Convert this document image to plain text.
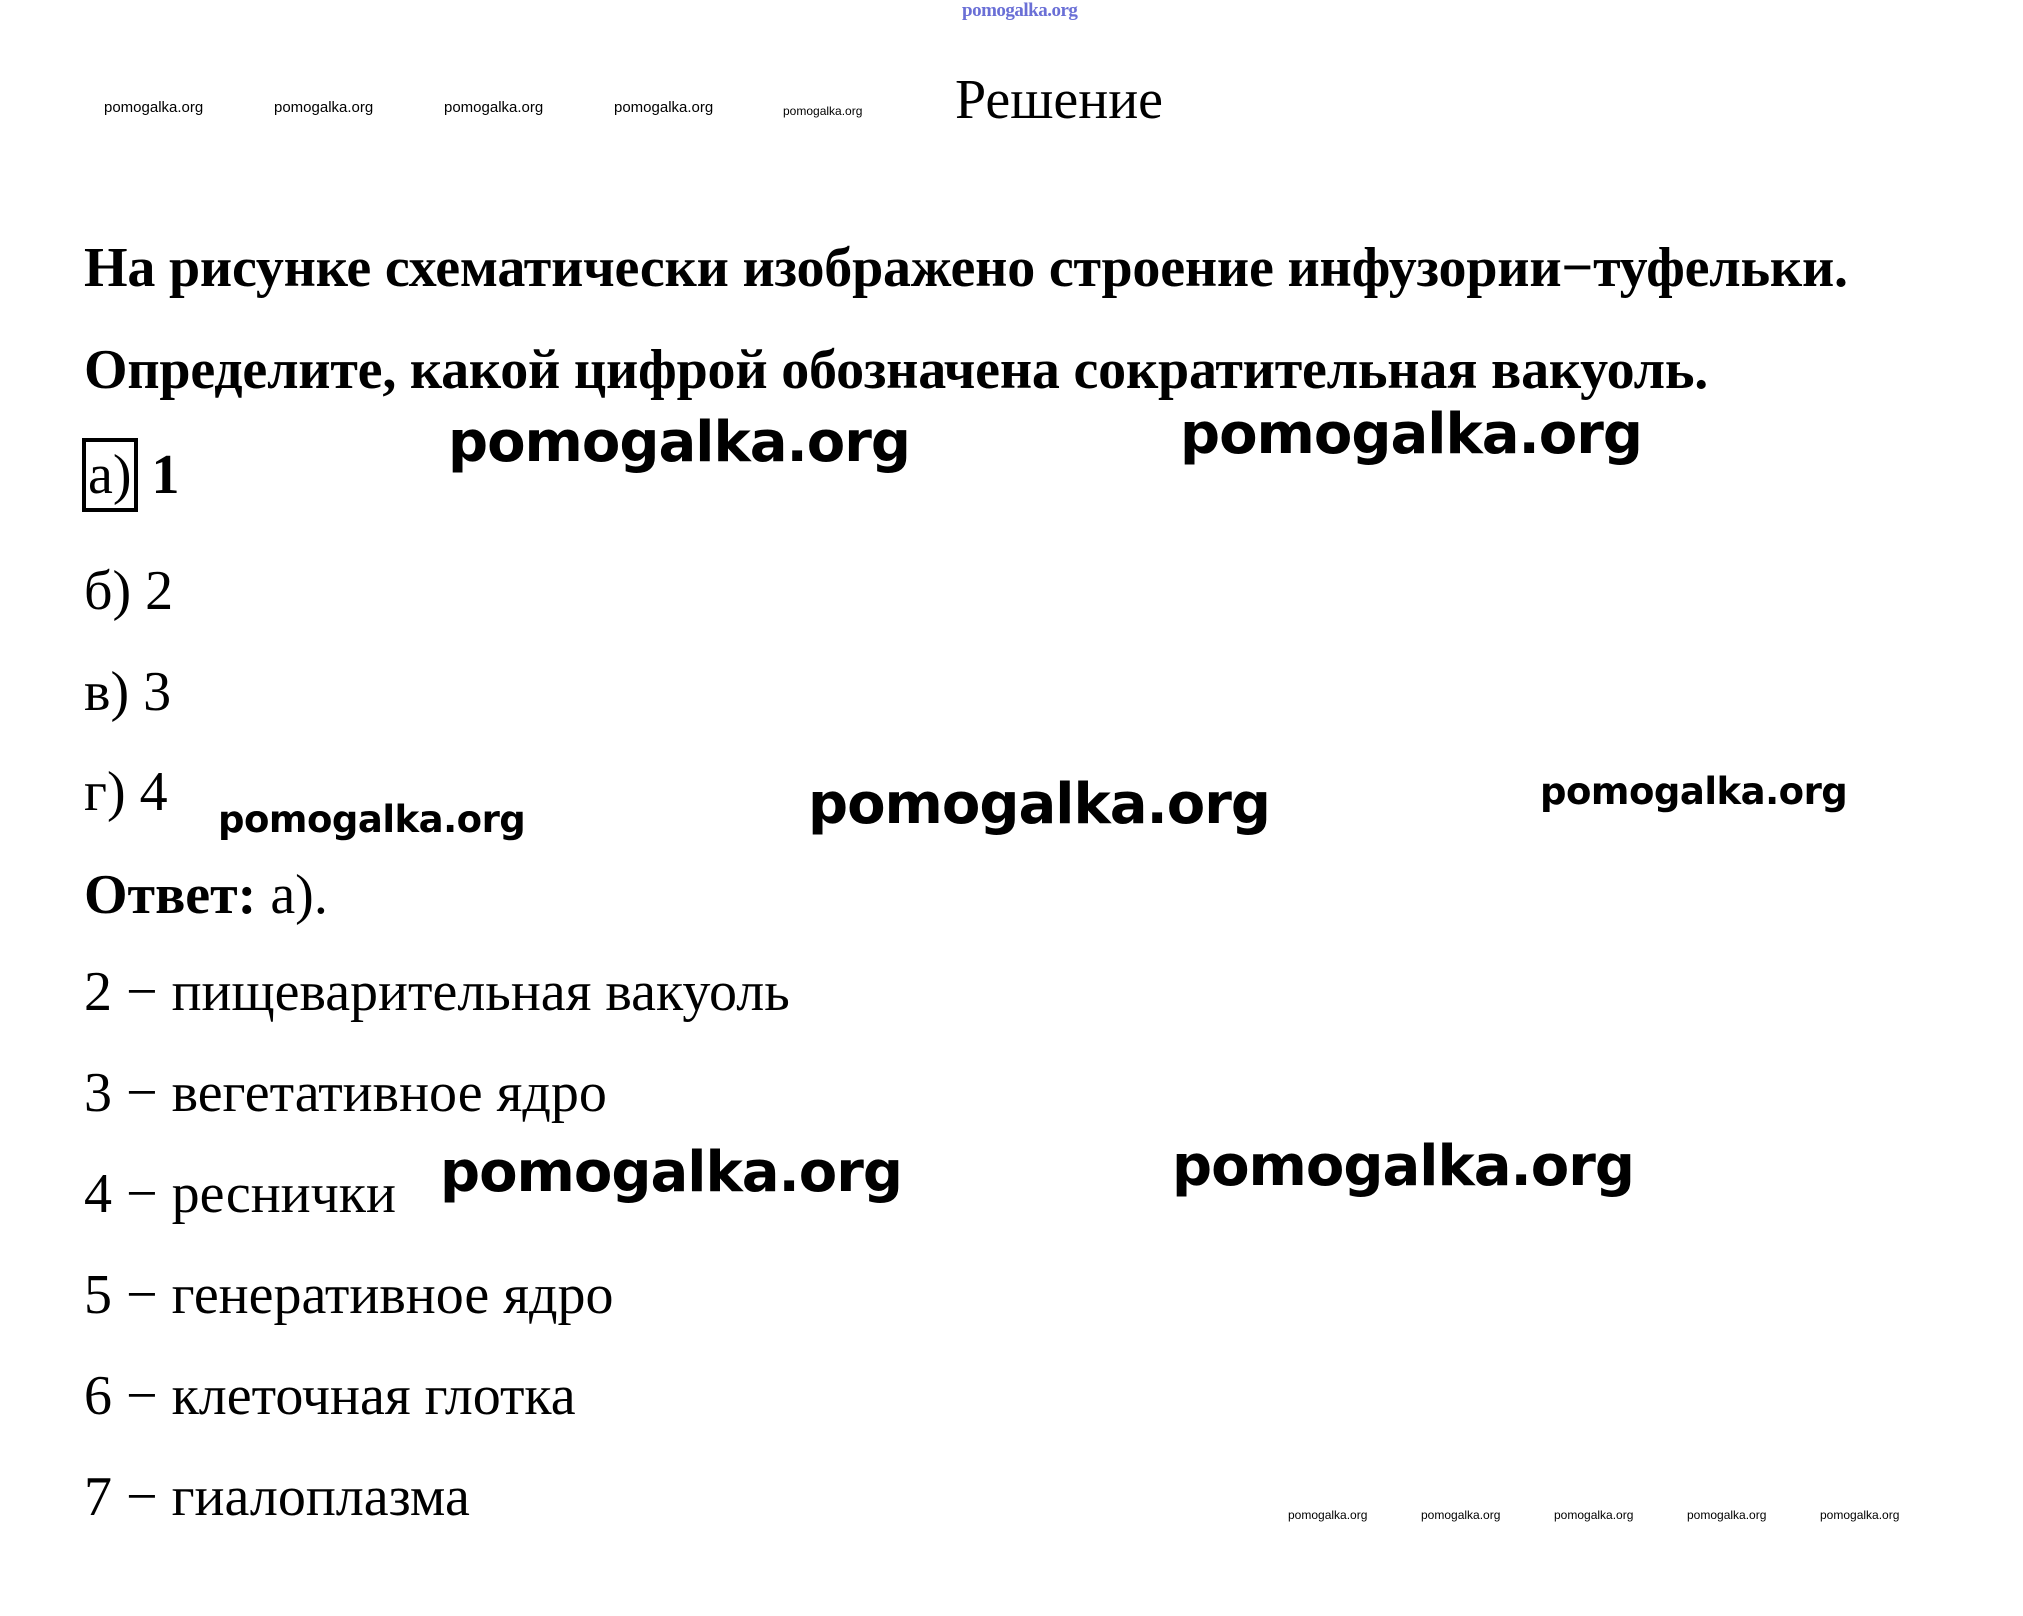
pomogalka.org
pomogalka.org	pomogalka.org	pomogalka.org	pomogalka.org	pomogalka.org Решение
На рисунке схематически изображено строение инфузории−туфельки.
Определите, какой цифрой обозначена сократительная вакуоль.
а) 1
б) 2
в) 3
г) 4
Ответ: а).
2 − пищеварительная вакуоль
3 − вегетативное ядро
4 − реснички
5 − генеративное ядро
6 − клеточная глотка
7 − гиалоплазма
pomogalka.org	pomogalka.org
pomogalka.org
pomogalka.org	pomogalka.org
pomogalka.org
pomogalka.org
pomogalka.org	pomogalka.org	pomogalka.org	pomogalka.org	pomogalka.org
